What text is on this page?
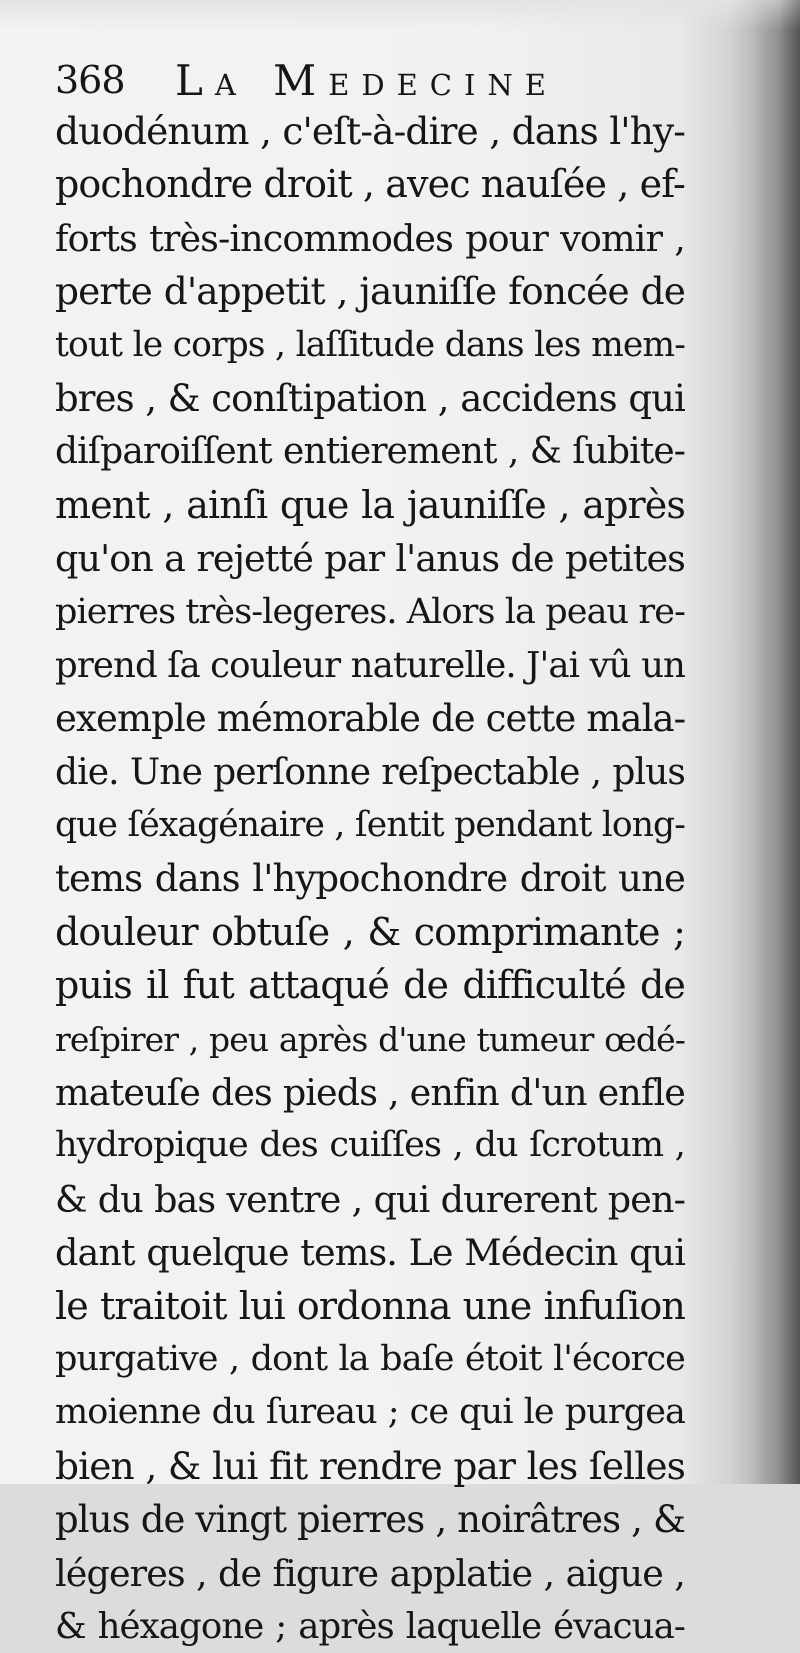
368 La Medecine
duodénum , c'eſt-à-dire , dans l'hy-
pochondre droit , avec nauſée , ef-
forts très-incommodes pour vomir ,
perte d'appetit , jauniſſe foncée de
tout le corps , laſſitude dans les mem-
bres , & conſtipation , accidens qui
diſparoiſſent entierement , & ſubite-
ment , ainſi que la jauniſſe , après
qu'on a rejetté par l'anus de petites
pierres très-legeres. Alors la peau re-
prend ſa couleur naturelle. J'ai vû un
exemple mémorable de cette mala-
die. Une perſonne reſpectable , plus
que ſéxagénaire , ſentit pendant long-
tems dans l'hypochondre droit une
douleur obtuſe , & comprimante ;
puis il fut attaqué de difficulté de
reſpirer , peu après d'une tumeur œdé-
mateuſe des pieds , enfin d'un enfle
hydropique des cuiſſes , du ſcrotum ,
& du bas ventre , qui durerent pen-
dant quelque tems. Le Médecin qui
le traitoit lui ordonna une infuſion
purgative , dont la baſe étoit l'écorce
moienne du ſureau ; ce qui le purgea
bien , & lui fit rendre par les ſelles
plus de vingt pierres , noirâtres , &
légeres , de figure applatie , aigue ,
& héxagone ; après laquelle évacua-
